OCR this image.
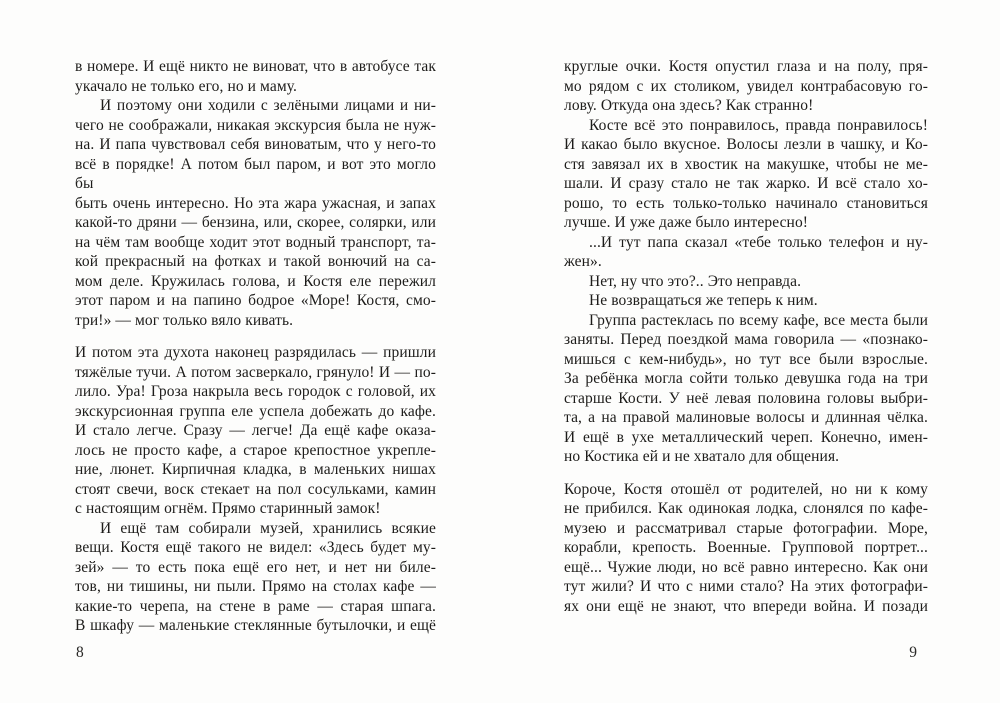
в номере. И ещё никто не виноват, что в автобусе так
укачало не только его, но и маму.
И поэтому они ходили с зелёными лицами и ни-
чего не соображали, никакая экскурсия была не нуж-
на. И папа чувствовал себя виноватым, что у него-то
всё в порядке! А потом был паром, и вот это могло бы
быть очень интересно. Но эта жара ужасная, и запах
какой-то дряни — бензина, или, скорее, солярки, или
на чём там вообще ходит этот водный транспорт, та-
кой прекрасный на фотках и такой вонючий на са-
мом деле. Кружилась голова, и Костя еле пережил
этот паром и на папино бодрое «Море! Костя, смо-
три!» — мог только вяло кивать.
И потом эта духота наконец разрядилась — пришли
тяжёлые тучи. А потом засверкало, грянуло! И — по-
лило. Ура! Гроза накрыла весь городок с головой, их
экскурсионная группа еле успела добежать до кафе.
И стало легче. Сразу — легче! Да ещё кафе оказа-
лось не просто кафе, а старое крепостное укрепле-
ние, люнет. Кирпичная кладка, в маленьких нишах
стоят свечи, воск стекает на пол сосульками, камин
с настоящим огнём. Прямо старинный замок!
И ещё там собирали музей, хранились всякие
вещи. Костя ещё такого не видел: «Здесь будет му-
зей» — то есть пока ещё его нет, и нет ни биле-
тов, ни тишины, ни пыли. Прямо на столах кафе —
какие-то черепа, на стене в раме — старая шпага.
В шкафу — маленькие стеклянные бутылочки, и ещё
8
круглые очки. Костя опустил глаза и на полу, пря-
мо рядом с их столиком, увидел контрабасовую го-
лову. Откуда она здесь? Как странно!
Косте всё это понравилось, правда понравилось!
И какао было вкусное. Волосы лезли в чашку, и Ко-
стя завязал их в хвостик на макушке, чтобы не ме-
шали. И сразу стало не так жарко. И всё стало хо-
рошо, то есть только-только начинало становиться
лучше. И уже даже было интересно!
...И тут папа сказал «тебе только телефон и ну-
жен».
Нет, ну что это?.. Это неправда.
Не возвращаться же теперь к ним.
Группа растеклась по всему кафе, все места были
заняты. Перед поездкой мама говорила — «познако-
мишься с кем-нибудь», но тут все были взрослые.
За ребёнка могла сойти только девушка года на три
старше Кости. У неё левая половина головы выбри-
та, а на правой малиновые волосы и длинная чёлка.
И ещё в ухе металлический череп. Конечно, имен-
но Костика ей и не хватало для общения.
Короче, Костя отошёл от родителей, но ни к кому
не прибился. Как одинокая лодка, слонялся по кафе-
музею и рассматривал старые фотографии. Море,
корабли, крепость. Военные. Групповой портрет...
ещё... Чужие люди, но всё равно интересно. Как они
тут жили? И что с ними стало? На этих фотографи-
ях они ещё не знают, что впереди война. И позади
9
